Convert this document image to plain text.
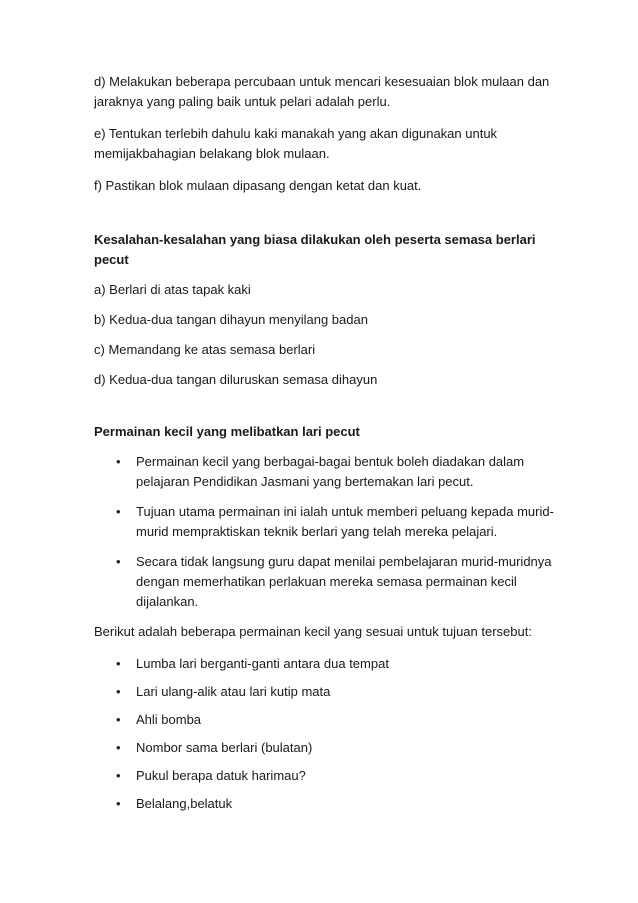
d) Melakukan beberapa percubaan untuk mencari kesesuaian blok mulaan dan jaraknya yang paling baik untuk pelari adalah perlu.

e) Tentukan terlebih dahulu kaki manakah yang akan digunakan untuk memijakbahagian belakang blok mulaan.

f) Pastikan blok mulaan dipasang dengan ketat dan kuat.

Kesalahan-kesalahan yang biasa dilakukan oleh peserta semasa berlari pecut

a) Berlari di atas tapak kaki

b) Kedua-dua tangan dihayun menyilang badan

c) Memandang ke atas semasa berlari

d) Kedua-dua tangan diluruskan semasa dihayun

Permainan kecil yang melibatkan lari pecut

• Permainan kecil yang berbagai-bagai bentuk boleh diadakan dalam pelajaran Pendidikan Jasmani yang bertemakan lari pecut.
• Tujuan utama permainan ini ialah untuk memberi peluang kepada murid-murid mempraktiskan teknik berlari yang telah mereka pelajari.
• Secara tidak langsung guru dapat menilai pembelajaran murid-muridnya dengan memerhatikan perlakuan mereka semasa permainan kecil dijalankan.

Berikut adalah beberapa permainan kecil yang sesuai untuk tujuan tersebut:

• Lumba lari berganti-ganti antara dua tempat
• Lari ulang-alik atau lari kutip mata
• Ahli bomba
• Nombor sama berlari (bulatan)
• Pukul berapa datuk harimau?
• Belalang,belatuk
